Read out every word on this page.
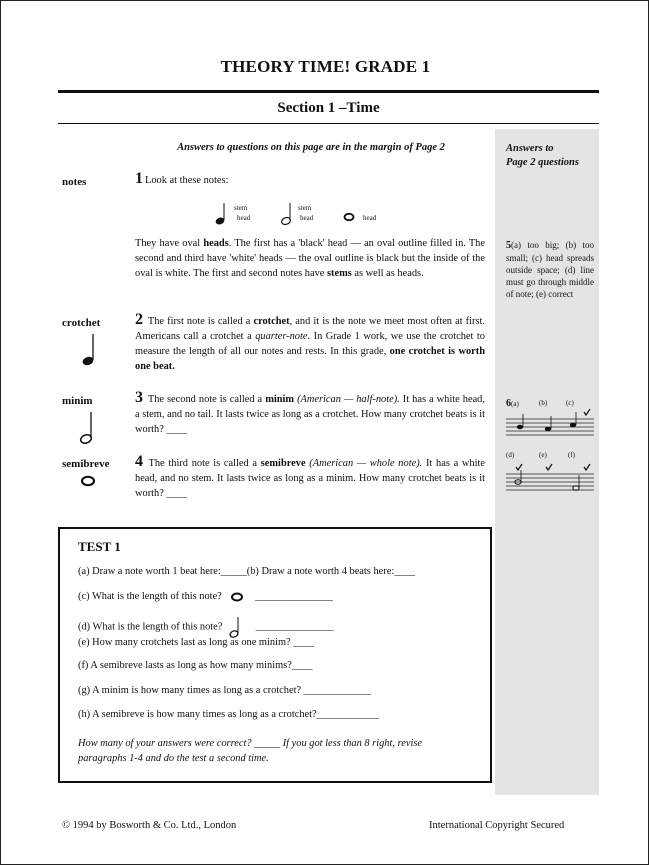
THEORY TIME! GRADE 1
Section 1 –Time
Answers to questions on this page are in the margin of Page 2	Answers to
Page 2 questions
notes
crotchet
minim
semibreve
1 Look at these notes:
stem
head
stem
head	head
They have oval heads. The first has a 'black' head — an oval outline filled in. The second and third have 'white' heads — the oval outline is black but the inside of the oval is white. The first and second notes have stems as well as heads.
2 The first note is called a crotchet, and it is the note we meet most often at first. Americans call a crotchet a quarter-note. In Grade 1 work, we use the crotchet to measure the length of all our notes and rests. In this grade, one crotchet is worth one beat.
3 The second note is called a minim (American — half-note). It has a white head, a stem, and no tail. It lasts twice as long as a crotchet. How many crotchet beats is it worth? ____
4 The third note is called a semibreve (American — whole note). It has a white head, and no stem. It lasts twice as long as a minim. How many crotchet beats is it worth? ____
5(a) too big; (b) too small; (c) head spreads outside space; (d) line must go through middle of note; (e) correct
6(a)	(b)	(c)
(d)	(e)	(f)
TEST 1
(a) Draw a note worth 1 beat here:_____(b) Draw a note worth 4 beats here:____
(c) What is the length of this note?	_______________
(d) What is the length of this note?	_______________
(e) How many crotchets last as long as one minim? ____
(f) A semibreve lasts as long as how many minims?____
(g) A minim is how many times as long as a crotchet? _____________
(h) A semibreve is how many times as long as a crotchet?____________
How many of your answers were correct? _____ If you got less than 8 right, revise paragraphs 1-4 and do the test a second time.
© 1994 by Bosworth & Co. Ltd., London	International Copyright Secured
